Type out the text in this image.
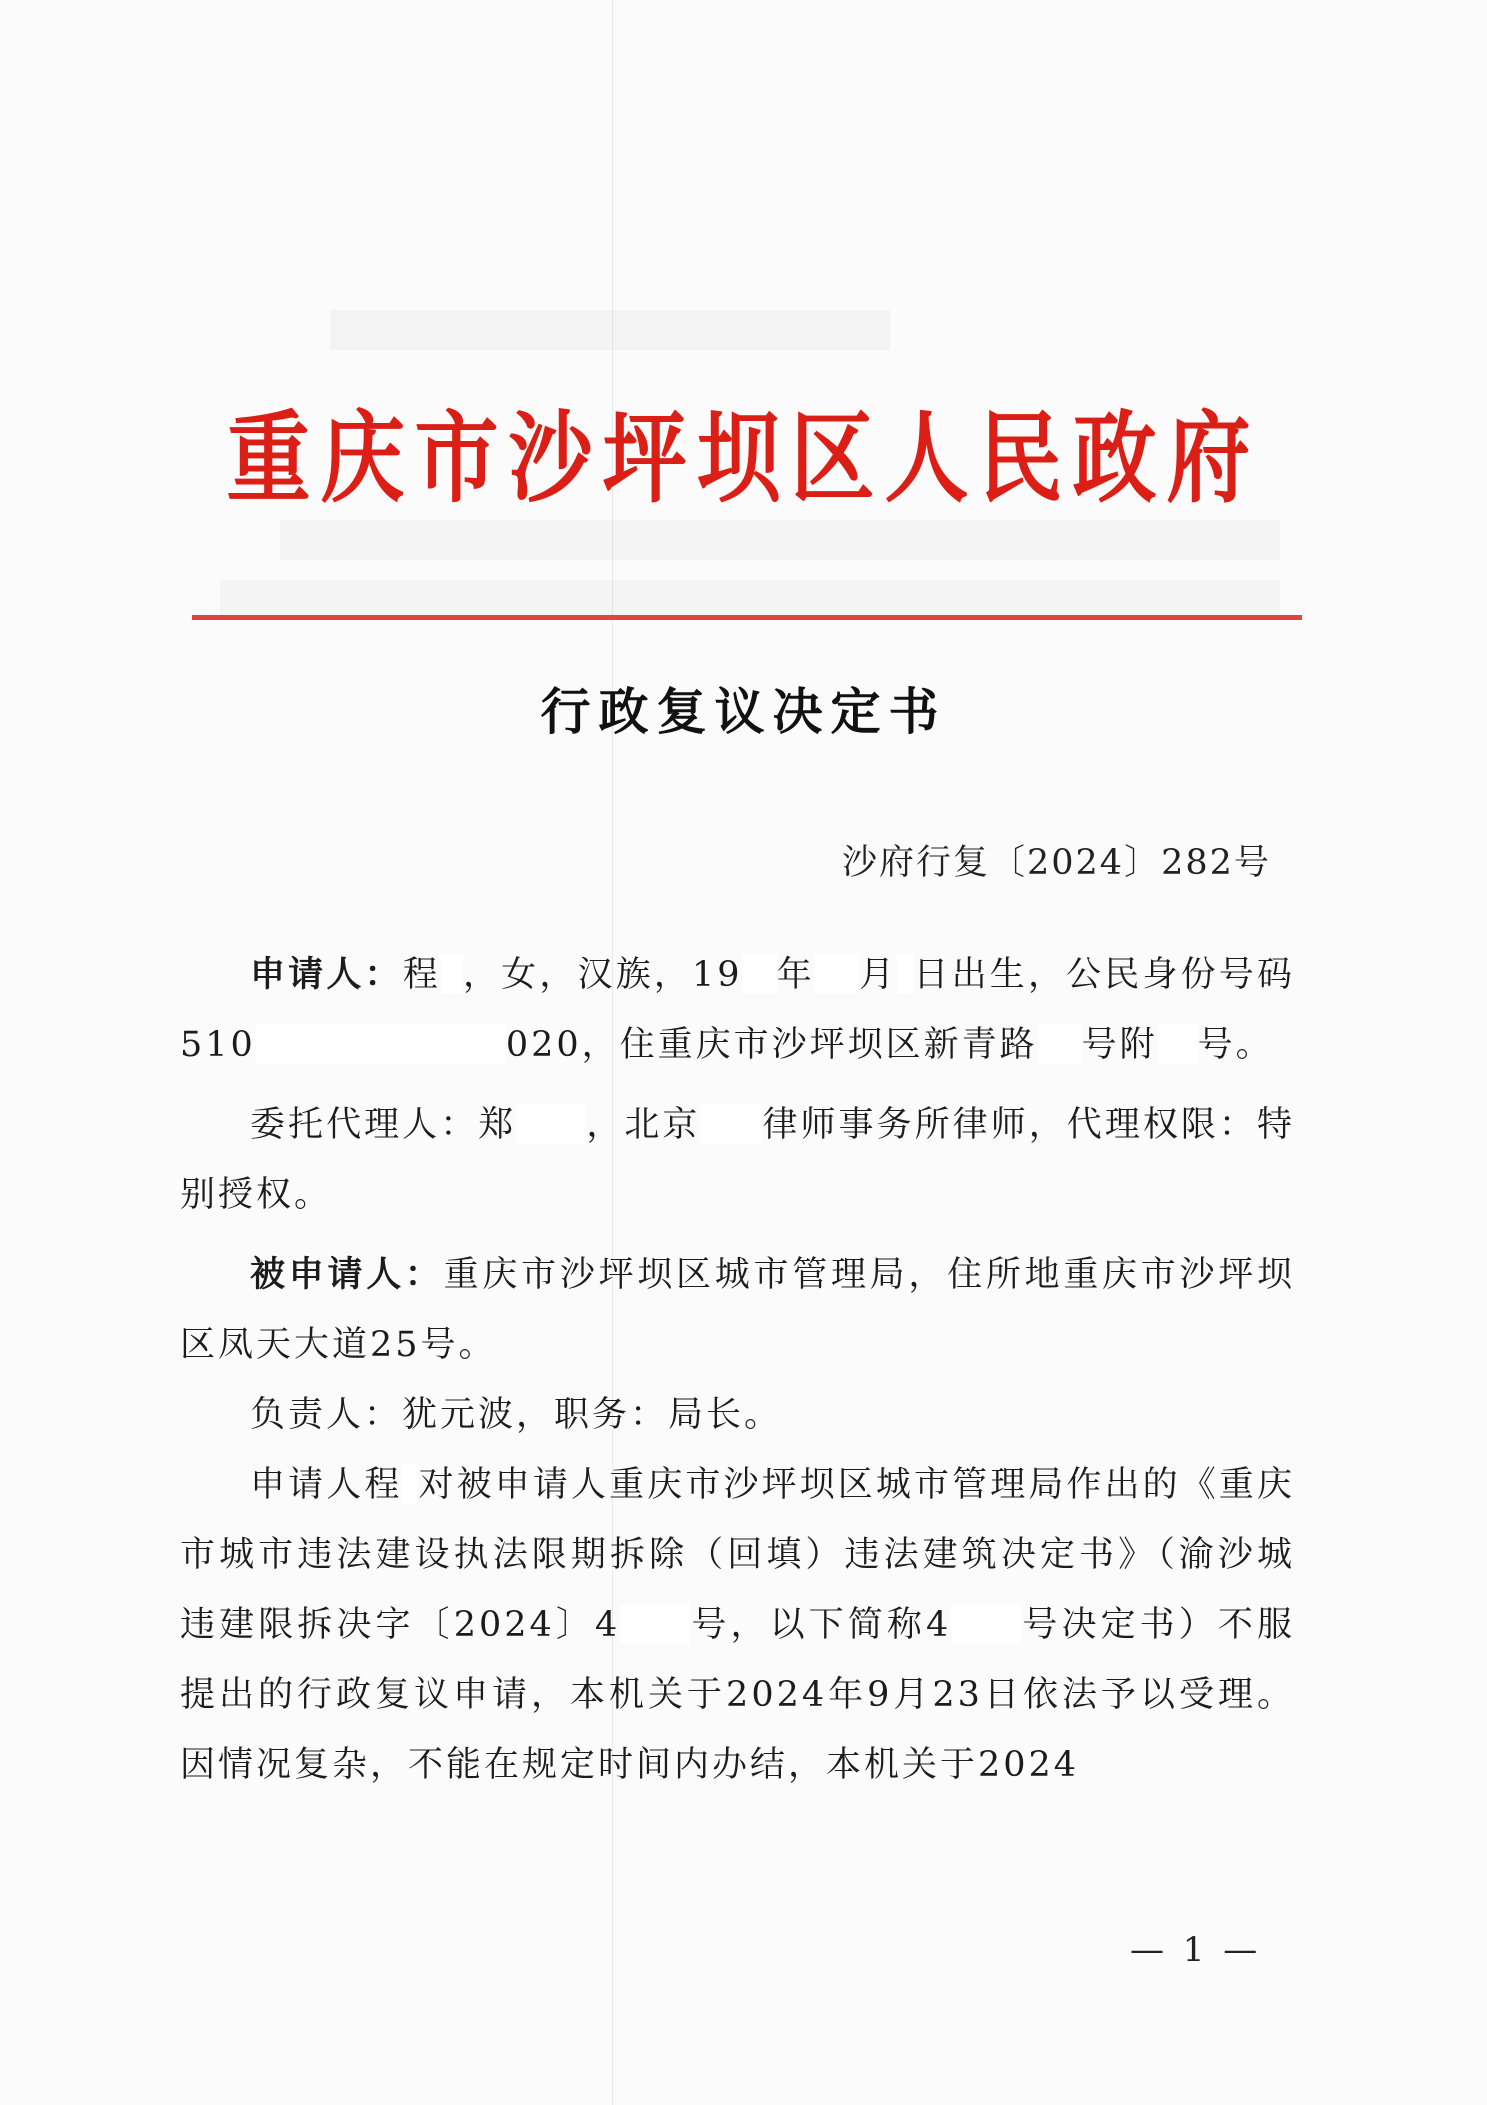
重庆市沙坪坝区人民政府
行政复议决定书
沙府行复〔2024〕282号

申请人：程 ，女，汉族，19 年 月 日出生，公民身份号码510	020，住重庆市沙坪坝区新青路 号附 号。

委托代理人：郑 ，北京 律师事务所律师，代理权限：特别授权。

被申请人：重庆市沙坪坝区城市管理局，住所地重庆市沙坪坝区凤天大道25号。

负责人：犹元波，职务：局长。

申请人程 对被申请人重庆市沙坪坝区城市管理局作出的《重庆市城市违法建设执法限期拆除（回填）违法建筑决定书》（渝沙城违建限拆决字〔2024〕4 号，以下简称4 号决定书）不服提出的行政复议申请，本机关于2024年9月23日依法予以受理。因情况复杂，不能在规定时间内办结，本机关于2024

— 1 —
